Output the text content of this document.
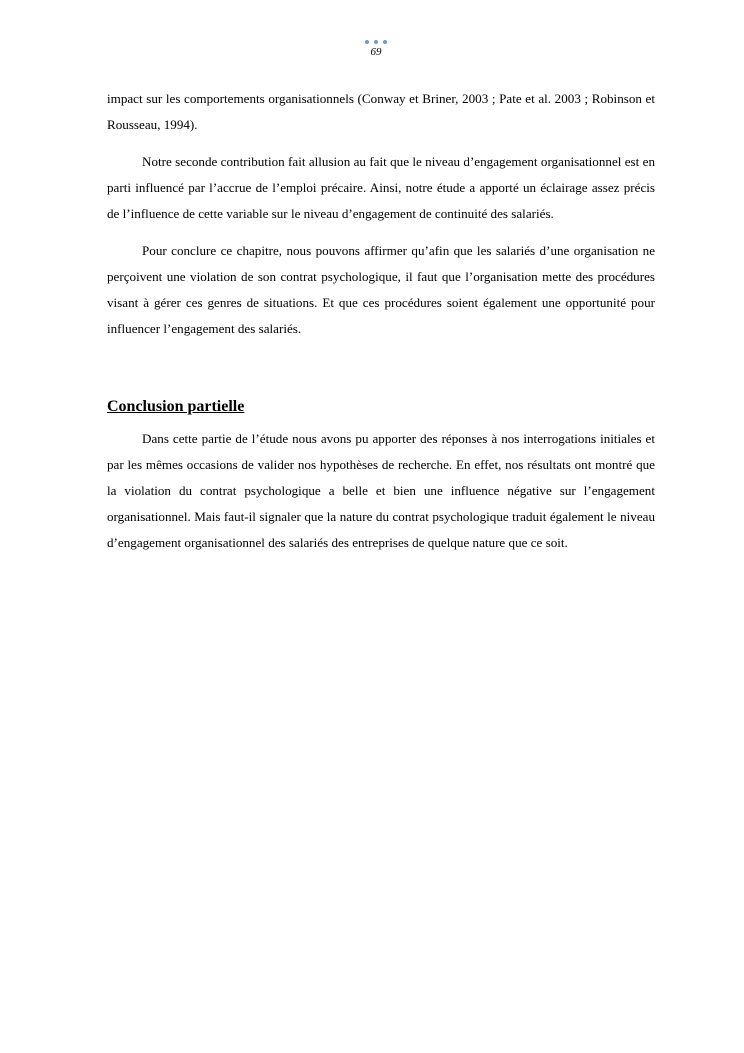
69

impact sur les comportements organisationnels (Conway et Briner, 2003 ; Pate et al. 2003 ; Robinson et Rousseau, 1994).

Notre seconde contribution fait allusion au fait que le niveau d’engagement organisationnel est en parti influencé par l’accrue de l’emploi précaire. Ainsi, notre étude a apporté un éclairage assez précis de l’influence de cette variable sur le niveau d’engagement de continuité des salariés.

Pour conclure ce chapitre, nous pouvons affirmer qu’afin que les salariés d’une organisation ne perçoivent une violation de son contrat psychologique, il faut que l’organisation mette des procédures visant à gérer ces genres de situations. Et que ces procédures soient également une opportunité pour influencer l’engagement des salariés.

Conclusion partielle

Dans cette partie de l’étude nous avons pu apporter des réponses à nos interrogations initiales et par les mêmes occasions de valider nos hypothèses de recherche. En effet, nos résultats ont montré que la violation du contrat psychologique a belle et bien une influence négative sur l’engagement organisationnel. Mais faut-il signaler que la nature du contrat psychologique traduit également le niveau d’engagement organisationnel des salariés des entreprises de quelque nature que ce soit.
